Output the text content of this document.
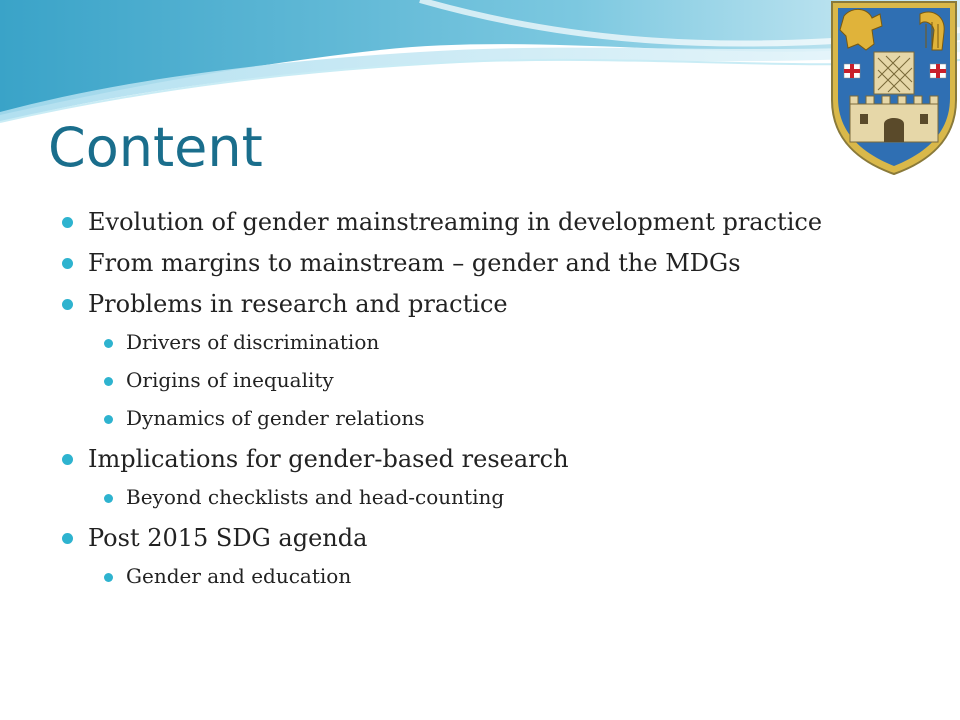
Content
Evolution of gender mainstreaming in development practice
From margins to mainstream – gender and the MDGs
Problems in research and practice
Drivers of discrimination
Origins of inequality
Dynamics of gender relations
Implications for gender-based research
Beyond checklists and head-counting
Post 2015 SDG agenda
Gender and education
